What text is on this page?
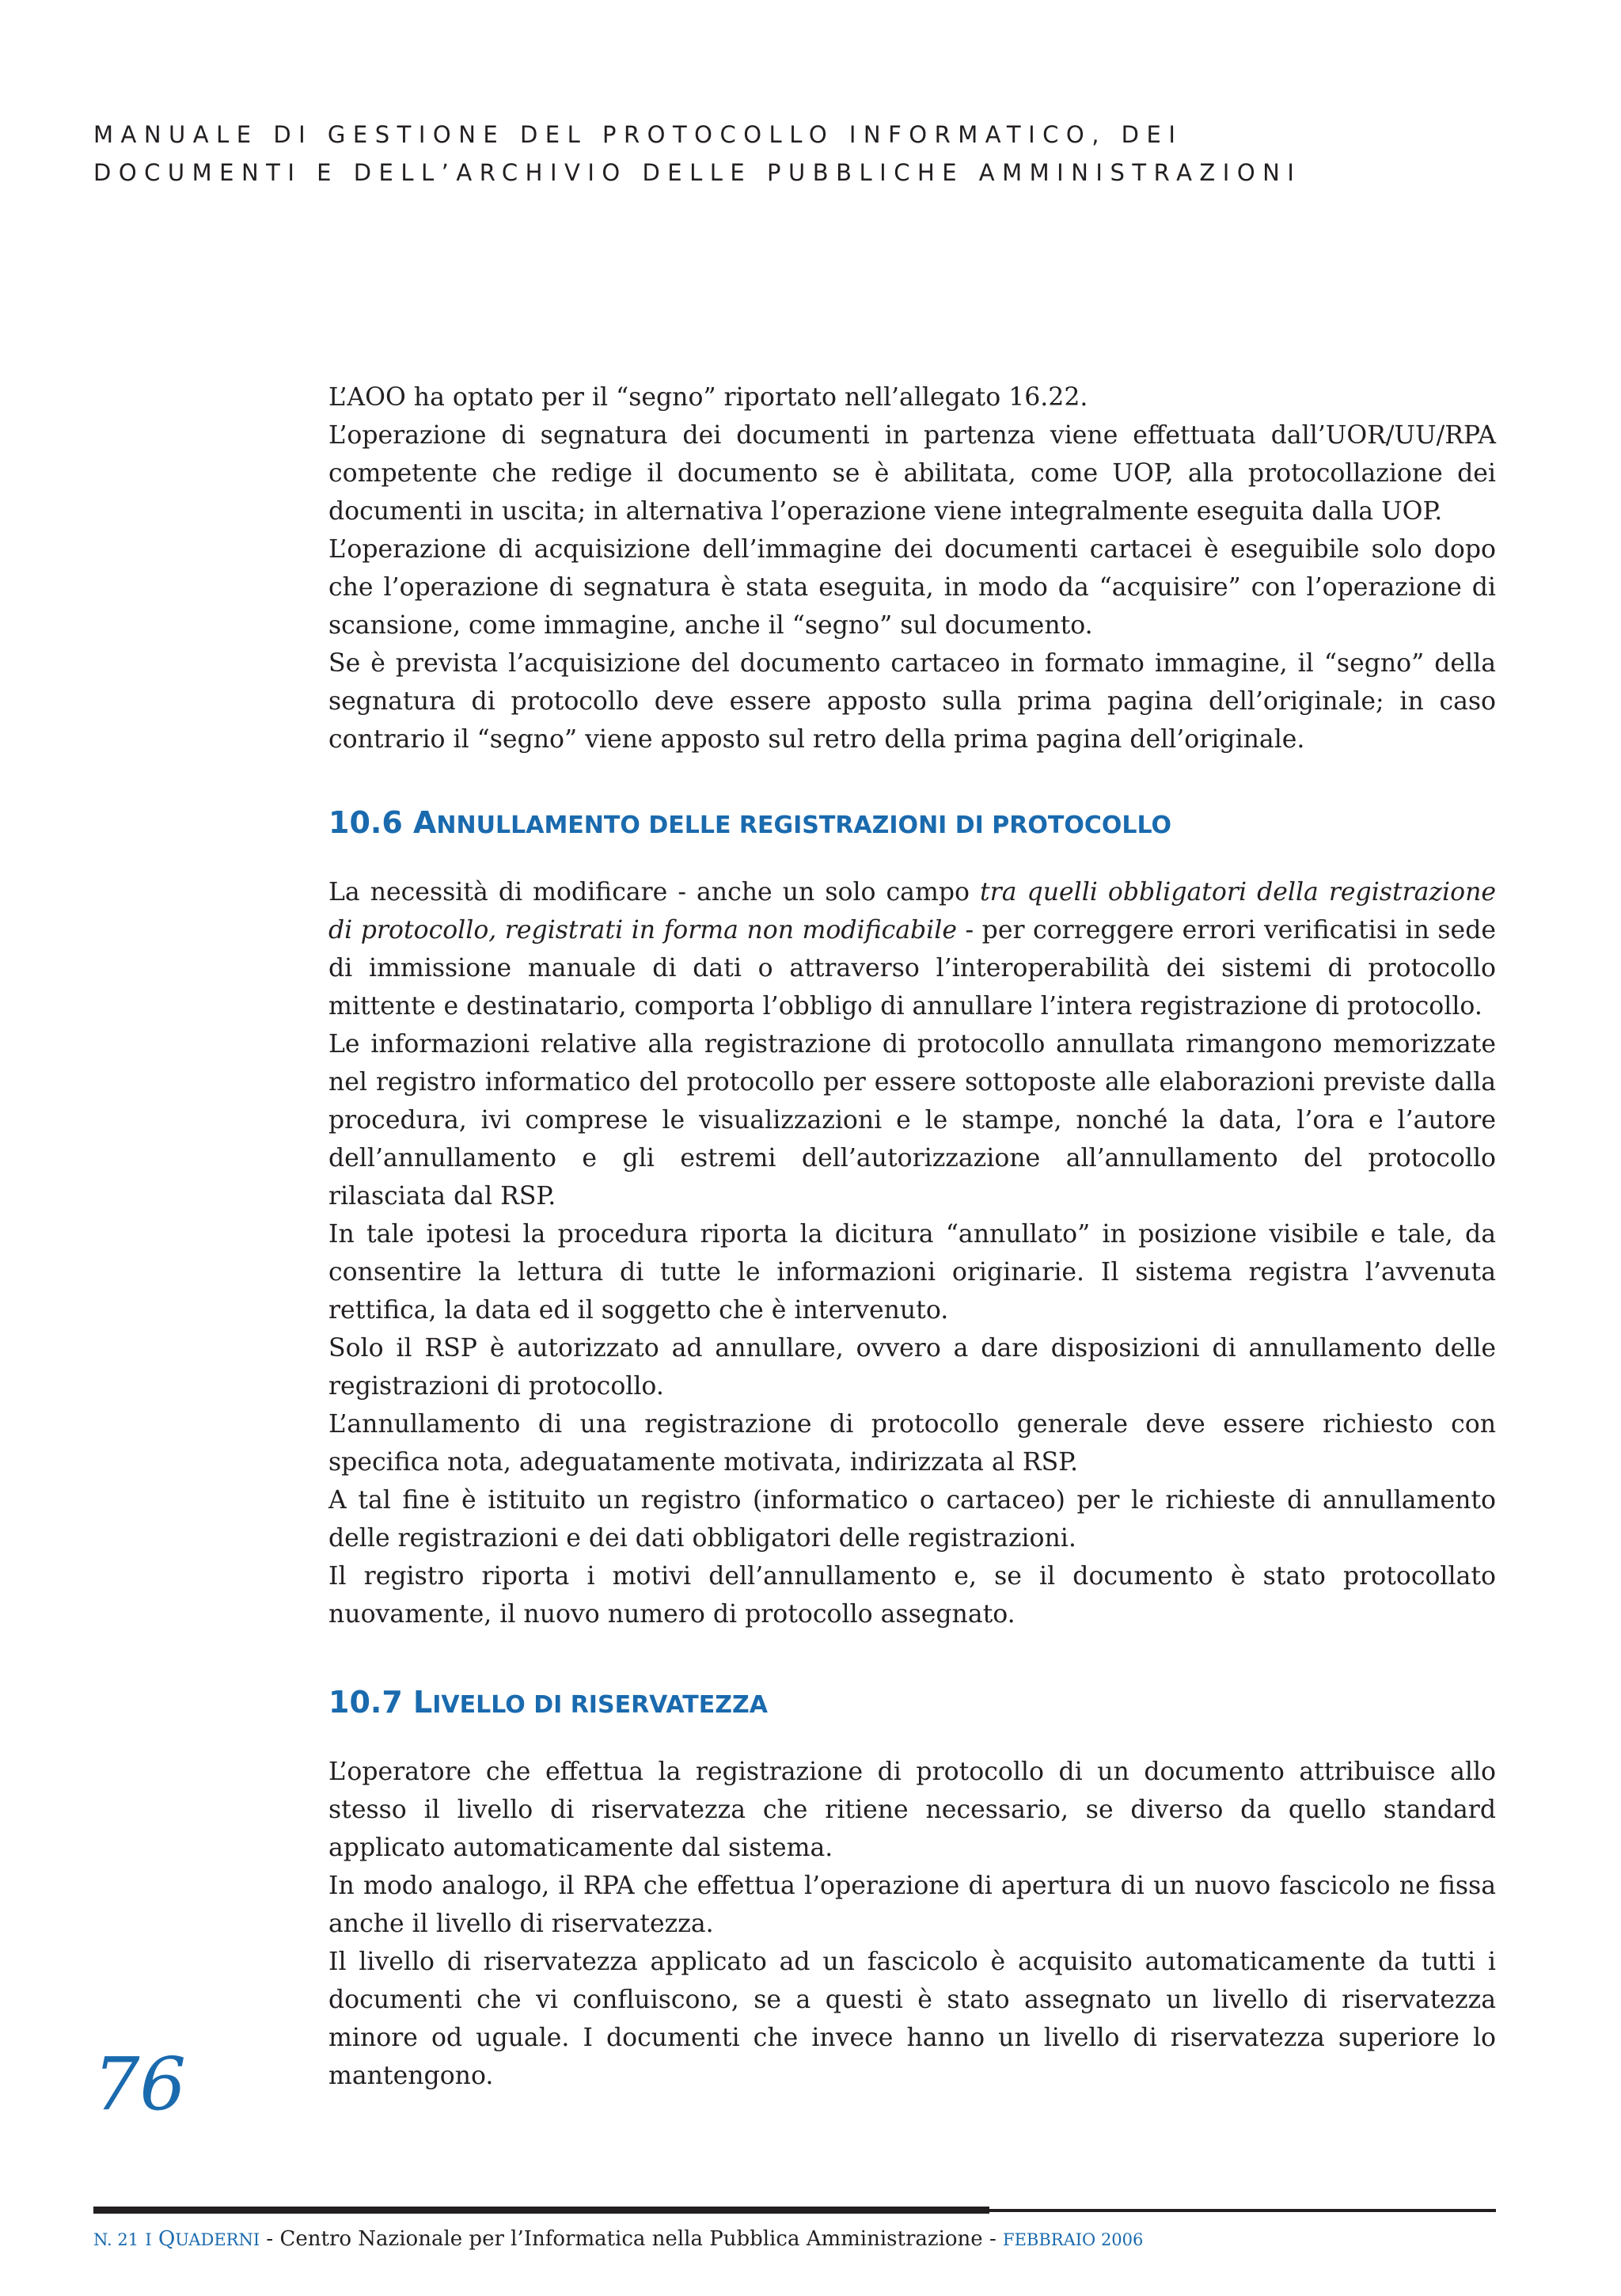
MANUALE DI GESTIONE DEL PROTOCOLLO INFORMATICO, DEI
DOCUMENTI E DELL’ARCHIVIO DELLE PUBBLICHE AMMINISTRAZIONI

L’AOO ha optato per il “segno” riportato nell’allegato 16.22.

L’operazione di segnatura dei documenti in partenza viene effettuata dall’UOR/UU/RPA competente che redige il documento se è abilitata, come UOP, alla protocollazione dei documenti in uscita; in alternativa l’operazione viene integralmente eseguita dalla UOP.

L’operazione di acquisizione dell’immagine dei documenti cartacei è eseguibile solo dopo che l’operazione di segnatura è stata eseguita, in modo da “acquisire” con l’operazione di scansione, come immagine, anche il “segno” sul documento.

Se è prevista l’acquisizione del documento cartaceo in formato immagine, il “segno” della segnatura di protocollo deve essere apposto sulla prima pagina dell’originale; in caso contrario il “segno” viene apposto sul retro della prima pagina dell’originale.

10.6 ANNULLAMENTO DELLE REGISTRAZIONI DI PROTOCOLLO

La necessità di modificare - anche un solo campo tra quelli obbligatori della registrazione di protocollo, registrati in forma non modificabile - per correggere errori verificatisi in sede di immissione manuale di dati o attraverso l’interoperabilità dei sistemi di protocollo mittente e destinatario, comporta l’obbligo di annullare l’intera registrazione di protocollo.

Le informazioni relative alla registrazione di protocollo annullata rimangono memorizzate nel registro informatico del protocollo per essere sottoposte alle elaborazioni previste dalla procedura, ivi comprese le visualizzazioni e le stampe, nonché la data, l’ora e l’autore dell’annullamento e gli estremi dell’autorizzazione all’annullamento del protocollo rilasciata dal RSP.

In tale ipotesi la procedura riporta la dicitura “annullato” in posizione visibile e tale, da consentire la lettura di tutte le informazioni originarie. Il sistema registra l’avvenuta rettifica, la data ed il soggetto che è intervenuto.

Solo il RSP è autorizzato ad annullare, ovvero a dare disposizioni di annullamento delle registrazioni di protocollo.

L’annullamento di una registrazione di protocollo generale deve essere richiesto con specifica nota, adeguatamente motivata, indirizzata al RSP.

A tal fine è istituito un registro (informatico o cartaceo) per le richieste di annullamento delle registrazioni e dei dati obbligatori delle registrazioni.

Il registro riporta i motivi dell’annullamento e, se il documento è stato protocollato nuovamente, il nuovo numero di protocollo assegnato.

10.7 LIVELLO DI RISERVATEZZA

L’operatore che effettua la registrazione di protocollo di un documento attribuisce allo stesso il livello di riservatezza che ritiene necessario, se diverso da quello standard applicato automaticamente dal sistema.

In modo analogo, il RPA che effettua l’operazione di apertura di un nuovo fascicolo ne fissa anche il livello di riservatezza.

Il livello di riservatezza applicato ad un fascicolo è acquisito automaticamente da tutti i documenti che vi confluiscono, se a questi è stato assegnato un livello di riservatezza minore od uguale. I documenti che invece hanno un livello di riservatezza superiore lo mantengono.

76
N. 21 I QUADERNI - Centro Nazionale per l’Informatica nella Pubblica Amministrazione - FEBBRAIO 2006
